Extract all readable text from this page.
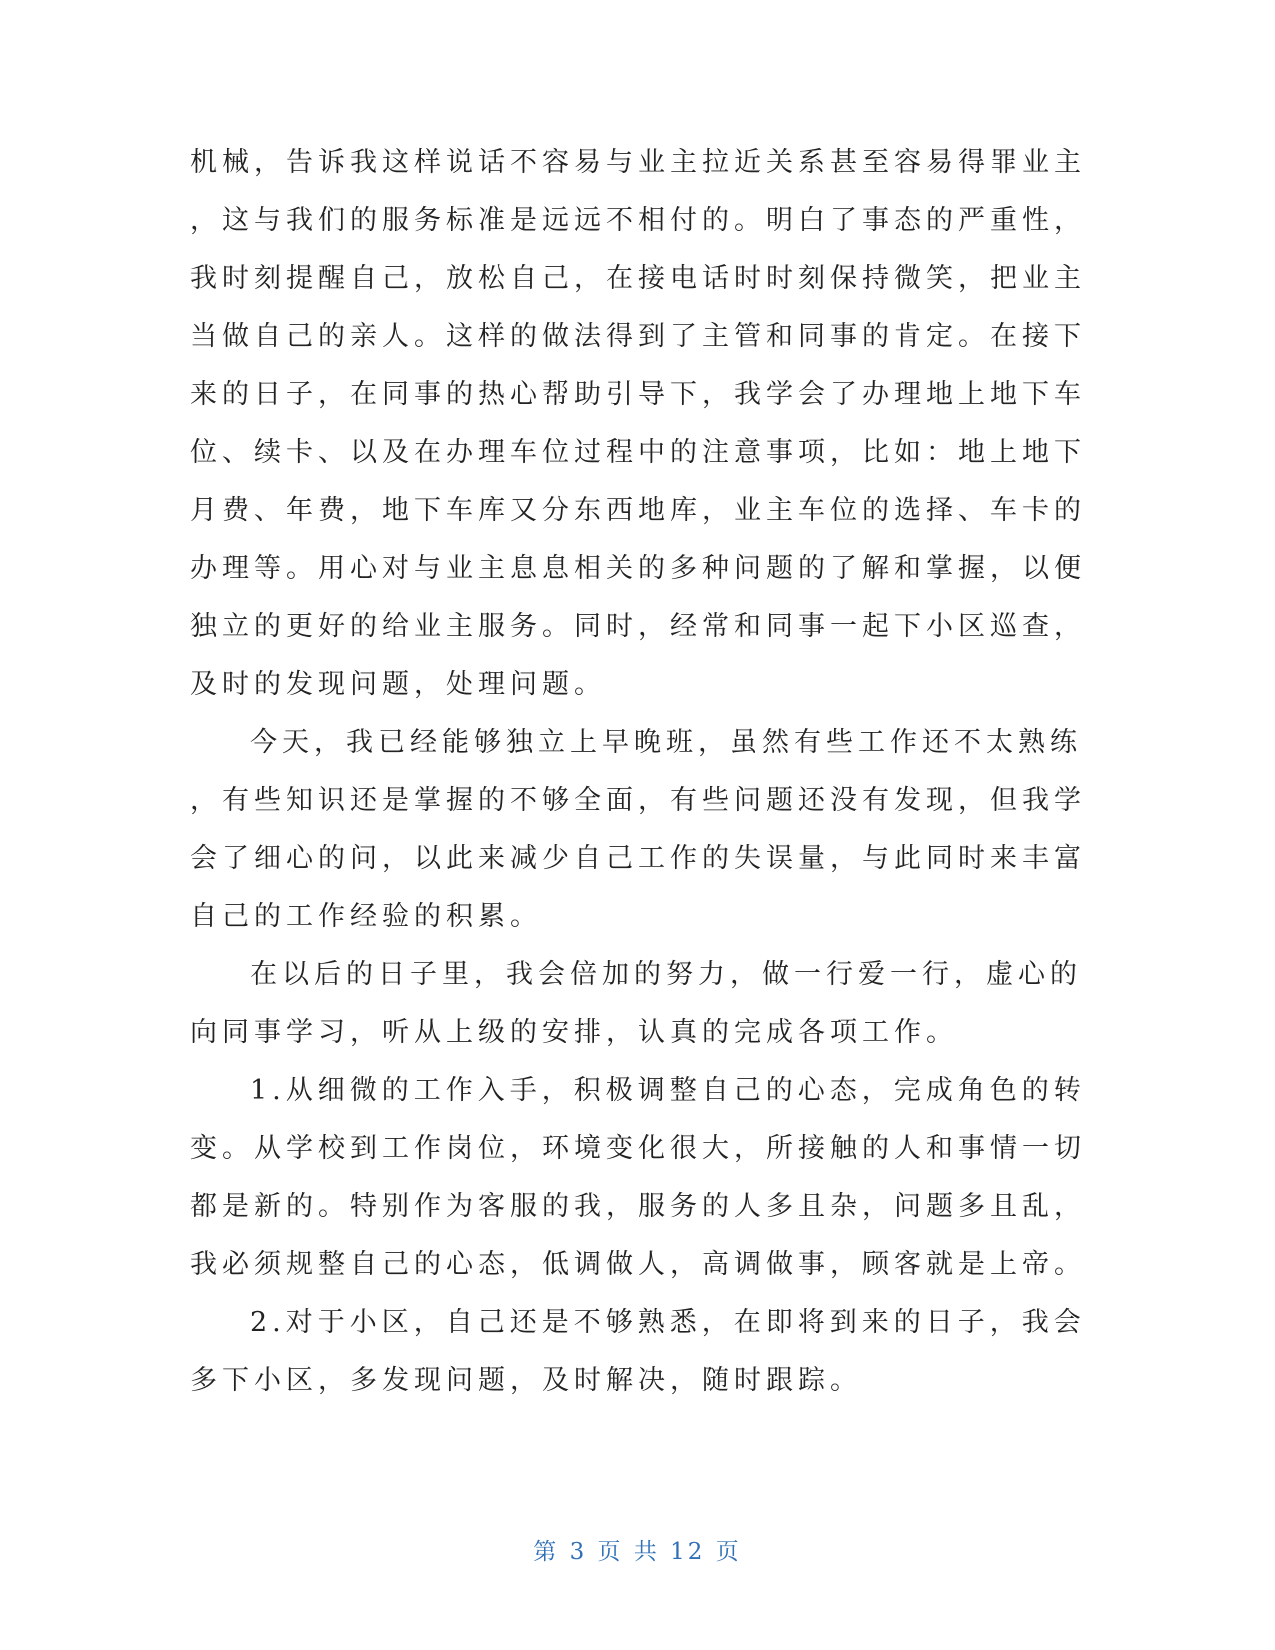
机械，告诉我这样说话不容易与业主拉近关系甚至容易得罪业主
，这与我们的服务标准是远远不相付的。明白了事态的严重性，
我时刻提醒自己，放松自己，在接电话时时刻保持微笑，把业主
当做自己的亲人。这样的做法得到了主管和同事的肯定。在接下
来的日子，在同事的热心帮助引导下，我学会了办理地上地下车
位、续卡、以及在办理车位过程中的注意事项，比如：地上地下
月费、年费，地下车库又分东西地库，业主车位的选择、车卡的
办理等。用心对与业主息息相关的多种问题的了解和掌握，以便
独立的更好的给业主服务。同时，经常和同事一起下小区巡查，
及时的发现问题，处理问题。
今天，我已经能够独立上早晚班，虽然有些工作还不太熟练
，有些知识还是掌握的不够全面，有些问题还没有发现，但我学
会了细心的问，以此来减少自己工作的失误量，与此同时来丰富
自己的工作经验的积累。
在以后的日子里，我会倍加的努力，做一行爱一行，虚心的
向同事学习，听从上级的安排，认真的完成各项工作。
1.从细微的工作入手，积极调整自己的心态，完成角色的转
变。从学校到工作岗位，环境变化很大，所接触的人和事情一切
都是新的。特别作为客服的我，服务的人多且杂，问题多且乱，
我必须规整自己的心态，低调做人，高调做事，顾客就是上帝。
2.对于小区，自己还是不够熟悉，在即将到来的日子，我会
多下小区，多发现问题，及时解决，随时跟踪。
第 3 页 共 12 页
